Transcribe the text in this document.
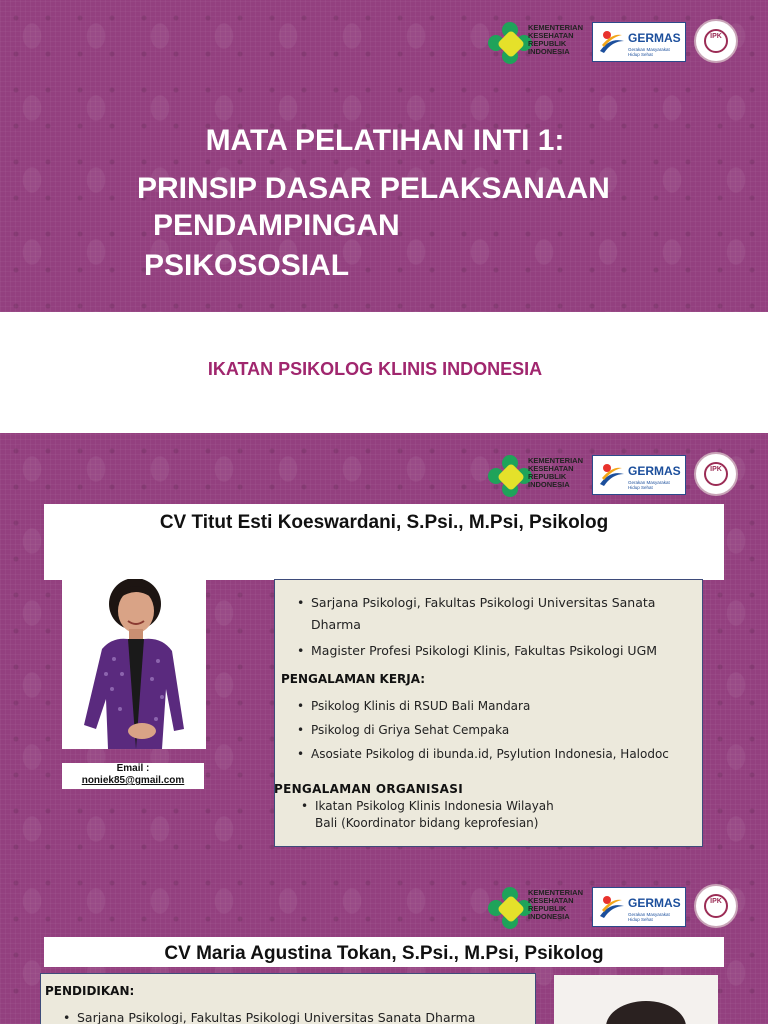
KEMENTERIAN
KESEHATAN
REPUBLIK
INDONESIA
GERMAS
Gerakan Masyarakat Hidup Sehat
IPK
MATA PELATIHAN INTI 1:
PRINSIP DASAR PELAKSANAAN
PENDAMPINGAN
PSIKOSOSIAL
IKATAN PSIKOLOG KLINIS INDONESIA
KEMENTERIAN
KESEHATAN
REPUBLIK
INDONESIA
GERMAS
Gerakan Masyarakat Hidup Sehat
IPK
CV Titut Esti Koeswardani, S.Psi., M.Psi, Psikolog
Email :
noniek85@gmail.com
• Sarjana Psikologi, Fakultas Psikologi Universitas Sanata Dharma
• Magister Profesi Psikologi Klinis, Fakultas Psikologi UGM
PENGALAMAN KERJA:
• Psikolog Klinis di RSUD Bali Mandara
• Psikolog di Griya Sehat Cempaka
• Asosiate Psikolog di ibunda.id, Psylution Indonesia, Halodoc
PENGALAMAN ORGANISASI
• Ikatan Psikolog Klinis Indonesia Wilayah Bali (Koordinator bidang keprofesian)
KEMENTERIAN
KESEHATAN
REPUBLIK
INDONESIA
GERMAS
Gerakan Masyarakat Hidup Sehat
IPK
CV Maria Agustina Tokan, S.Psi., M.Psi, Psikolog
PENDIDIKAN:
• Sarjana Psikologi, Fakultas Psikologi Universitas Sanata Dharma
